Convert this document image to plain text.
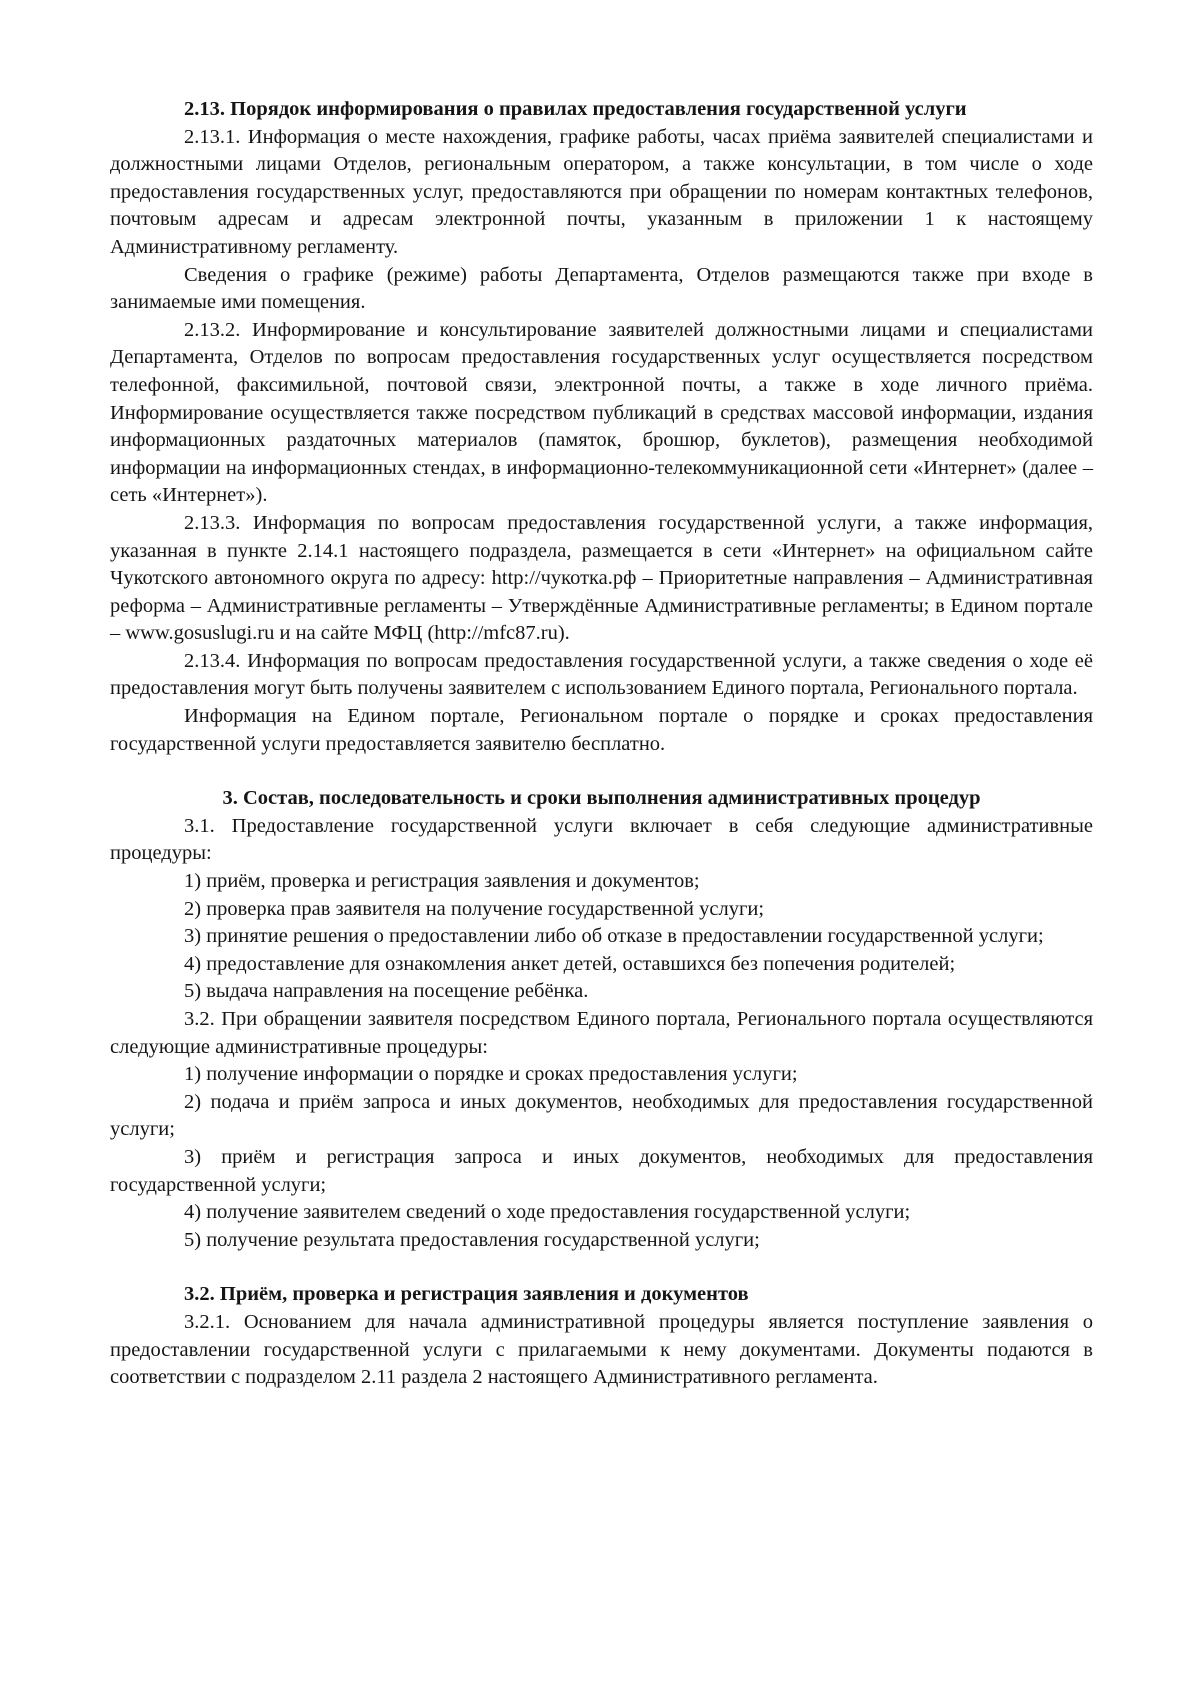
2.13. Порядок информирования о правилах предоставления государственной услуги

2.13.1. Информация о месте нахождения, графике работы, часах приёма заявителей специалистами и должностными лицами Отделов, региональным оператором, а также консультации, в том числе о ходе предоставления государственных услуг, предоставляются при обращении по номерам контактных телефонов, почтовым адресам и адресам электронной почты, указанным в приложении 1 к настоящему Административному регламенту.

Сведения о графике (режиме) работы Департамента, Отделов размещаются также при входе в занимаемые ими помещения.

2.13.2. Информирование и консультирование заявителей должностными лицами и специалистами Департамента, Отделов по вопросам предоставления государственных услуг осуществляется посредством телефонной, факсимильной, почтовой связи, электронной почты, а также в ходе личного приёма. Информирование осуществляется также посредством публикаций в средствах массовой информации, издания информационных раздаточных материалов (памяток, брошюр, буклетов), размещения необходимой информации на информационных стендах, в информационно-телекоммуникационной сети «Интернет» (далее – сеть «Интернет»).

2.13.3. Информация по вопросам предоставления государственной услуги, а также информация, указанная в пункте 2.14.1 настоящего подраздела, размещается в сети «Интернет» на официальном сайте Чукотского автономного округа по адресу: http://чукотка.рф – Приоритетные направления – Административная реформа – Административные регламенты – Утверждённые Административные регламенты; в Едином портале – www.gosuslugi.ru и на сайте МФЦ (http://mfc87.ru).

2.13.4. Информация по вопросам предоставления государственной услуги, а также сведения о ходе её предоставления могут быть получены заявителем с использованием Единого портала, Регионального портала.

Информация на Едином портале, Региональном портале о порядке и сроках предоставления государственной услуги предоставляется заявителю бесплатно.

3. Состав, последовательность и сроки выполнения административных процедур

3.1. Предоставление государственной услуги включает в себя следующие административные процедуры:

1) приём, проверка и регистрация заявления и документов;

2) проверка прав заявителя на получение государственной услуги;

3) принятие решения о предоставлении либо об отказе в предоставлении государственной услуги;

4) предоставление для ознакомления анкет детей, оставшихся без попечения родителей;

5) выдача направления на посещение ребёнка.

3.2. При обращении заявителя посредством Единого портала, Регионального портала осуществляются следующие административные процедуры:

1) получение информации о порядке и сроках предоставления услуги;

2) подача и приём запроса и иных документов, необходимых для предоставления государственной услуги;

3) приём и регистрация запроса и иных документов, необходимых для предоставления государственной услуги;

4) получение заявителем сведений о ходе предоставления государственной услуги;

5) получение результата предоставления государственной услуги;

3.2. Приём, проверка и регистрация заявления и документов

3.2.1. Основанием для начала административной процедуры является поступление заявления о предоставлении государственной услуги с прилагаемыми к нему документами. Документы подаются в соответствии с подразделом 2.11 раздела 2 настоящего Административного регламента.
